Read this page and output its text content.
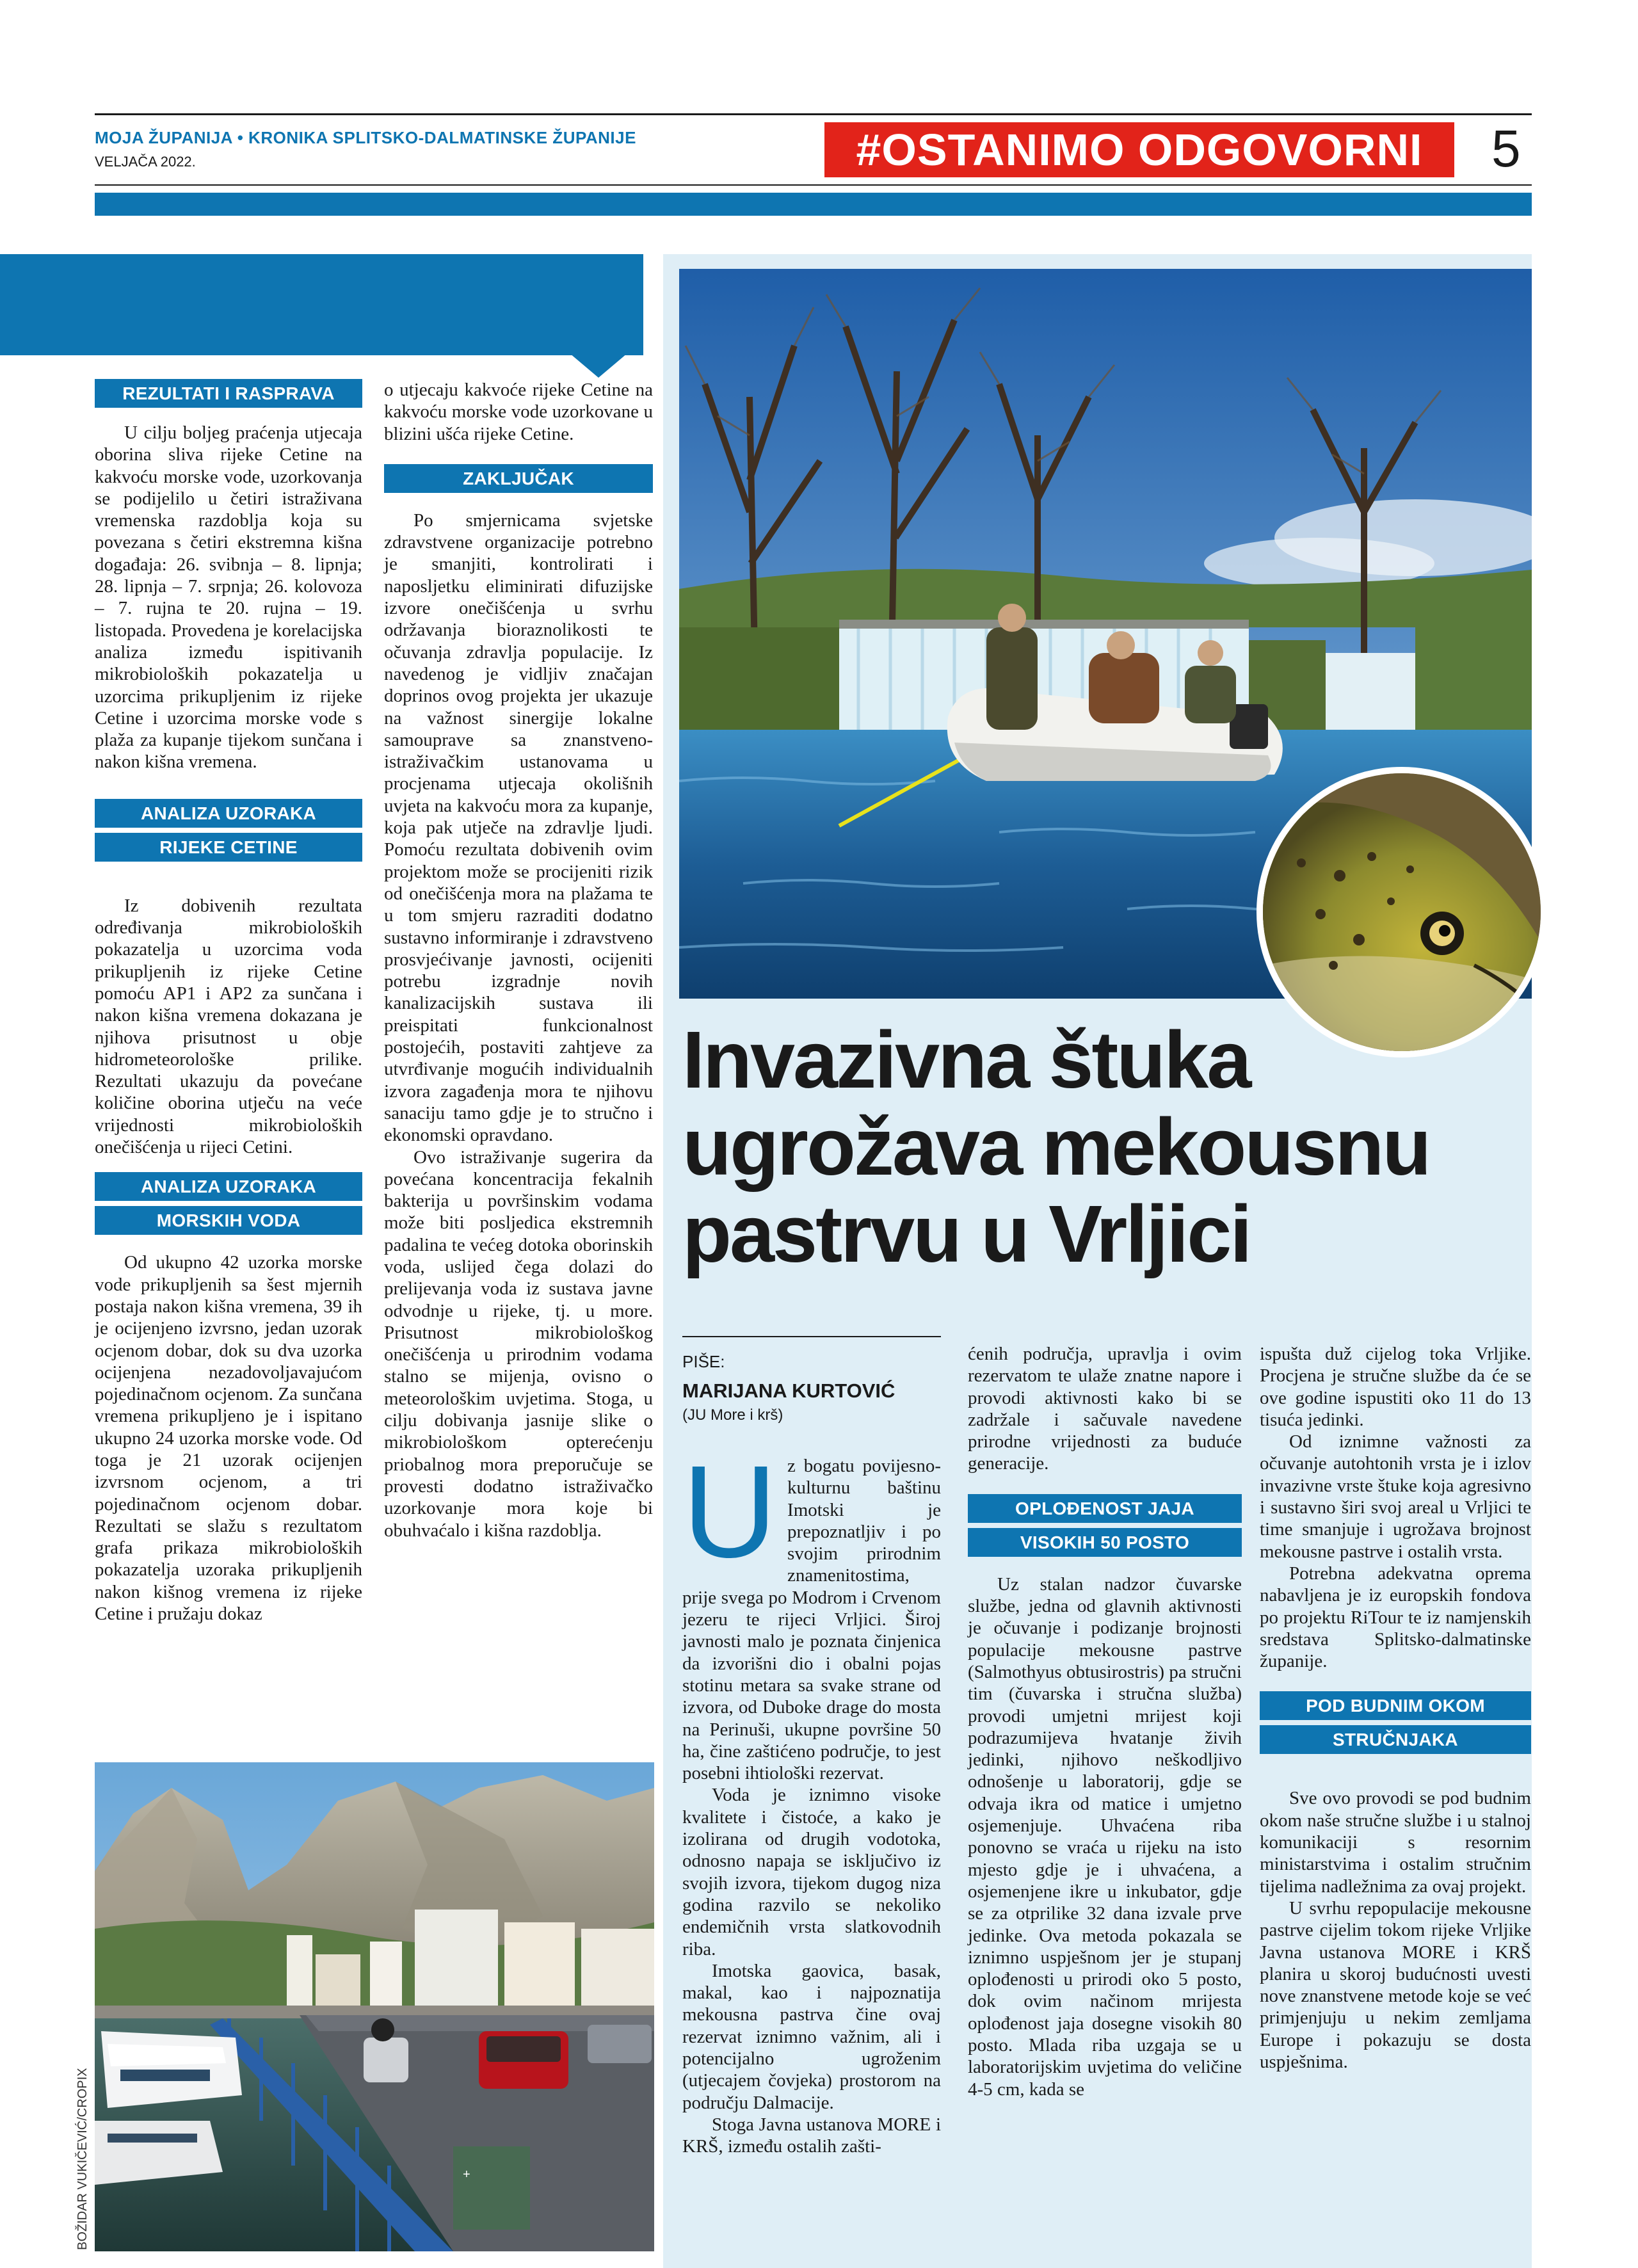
MOJA ŽUPANIJA • KRONIKA SPLITSKO-DALMATINSKE ŽUPANIJE
VELJAČA 2022.	#OSTANIMO ODGOVORNI	5
REZULTATI I RASPRAVA

U cilju boljeg praćenja utjecaja oborina sliva rijeke Cetine na kakvoću morske vode, uzorkovanja se podijelilo u četiri istraživana vremenska razdoblja koja su povezana s četiri ekstremna kišna događaja: 26. svibnja – 8. lipnja; 28. lipnja – 7. srpnja; 26. kolovoza – 7. rujna te 20. rujna – 19. listopada. Provedena je korelacijska analiza između ispitivanih mikrobioloških pokazatelja u uzorcima prikupljenim iz rijeke Cetine i uzorcima morske vode s plaža za kupanje tijekom sunčana i nakon kišna vremena.

ANALIZA UZORAKA
RIJEKE CETINE

Iz dobivenih rezultata određivanja mikrobioloških pokazatelja u uzorcima voda prikupljenih iz rijeke Cetine pomoću AP1 i AP2 za sunčana i nakon kišna vremena dokazana je njihova prisutnost u obje hidrometeorološke prilike. Rezultati ukazuju da povećane količine oborina utječu na veće vrijednosti mikrobioloških onečišćenja u rijeci Cetini.

ANALIZA UZORAKA
MORSKIH VODA

Od ukupno 42 uzorka morske vode prikupljenih sa šest mjernih postaja nakon kišna vremena, 39 ih je ocijenjeno izvrsno, jedan uzorak ocjenom dobar, dok su dva uzorka ocijenjena nezadovoljavajućom pojedinačnom ocjenom. Za sunčana vremena prikupljeno je i ispitano ukupno 24 uzorka morske vode. Od toga je 21 uzorak ocijenjen izvrsnom ocjenom, a tri pojedinačnom ocjenom dobar. Rezultati se slažu s rezultatom grafa prikaza mikrobioloških pokazatelja uzoraka prikupljenih nakon kišnog vremena iz rijeke Cetine i pružaju dokaz

o utjecaju kakvoće rijeke Cetine na kakvoću morske vode uzorkovane u blizini ušća rijeke Cetine.

ZAKLJUČAK

Po smjernicama svjetske zdravstvene organizacije potrebno je smanjiti, kontrolirati i naposljetku eliminirati difuzijske izvore onečišćenja u svrhu održavanja bioraznolikosti te očuvanja zdravlja populacije. Iz navedenog je vidljiv značajan doprinos ovog projekta jer ukazuje na važnost sinergije lokalne samouprave sa znanstveno-istraživačkim ustanovama u procjenama utjecaja okolišnih uvjeta na kakvoću mora za kupanje, koja pak utječe na zdravlje ljudi. Pomoću rezultata dobivenih ovim projektom može se procijeniti rizik od onečišćenja mora na plažama te u tom smjeru razraditi dodatno sustavno informiranje i zdravstveno prosvjećivanje javnosti, ocijeniti potrebu izgradnje novih kanalizacijskih sustava ili preispitati funkcionalnost postojećih, postaviti zahtjeve za utvrđivanje mogućih individualnih izvora zagađenja mora te njihovu sanaciju tamo gdje je to stručno i ekonomski opravdano.

Ovo istraživanje sugerira da povećana koncentracija fekalnih bakterija u površinskim vodama može biti posljedica ekstremnih padalina te većeg dotoka oborinskih voda, uslijed čega dolazi do prelijevanja voda iz sustava javne odvodnje u rijeke, tj. u more. Prisutnost mikrobiološkog onečišćenja u prirodnim vodama stalno se mijenja, ovisno o meteorološkim uvjetima. Stoga, u cilju dobivanja jasnije slike o mikrobiološkom opterećenju priobalnog mora preporučuje se provesti dodatno istraživačko uzorkovanje mora koje bi obuhvaćalo i kišna razdoblja.

+
BOŽIDAR VUKIČEVIĆ/CROPIX
Invazivna štuka ugrožava mekousnu pastrvu u Vrljici
PIŠE:
MARIJANA KURTOVIĆ
(JU More i krš)
U z bogatu povijesno-kulturnu baštinu Imotski je prepoznatljiv i po svojim prirodnim znamenitostima, prije svega po Modrom i Crvenom jezeru te rijeci Vrljici. Široj javnosti malo je poznata činjenica da izvorišni dio i obalni pojas stotinu metara sa svake strane od izvora, od Duboke drage do mosta na Perinuši, ukupne površine 50 ha, čine zaštićeno područje, to jest posebni ihtiološki rezervat.

Voda je iznimno visoke kvalitete i čistoće, a kako je izolirana od drugih vodotoka, odnosno napaja se isključivo iz svojih izvora, tijekom dugog niza godina razvilo se nekoliko endemičnih vrsta slatkovodnih riba.

Imotska gaovica, basak, makal, kao i najpoznatija mekousna pastrva čine ovaj rezervat iznimno važnim, ali i potencijalno ugroženim (utjecajem čovjeka) prostorom na području Dalmacije.

Stoga Javna ustanova MORE i KRŠ, između ostalih zašti-

ćenih područja, upravlja i ovim rezervatom te ulaže znatne napore i provodi aktivnosti kako bi se zadržale i sačuvale navedene prirodne vrijednosti za buduće generacije.

OPLOĐENOST JAJA
VISOKIH 50 POSTO

Uz stalan nadzor čuvarske službe, jedna od glavnih aktivnosti je očuvanje i podizanje brojnosti populacije mekousne pastrve (Salmothyus obtusirostris) pa stručni tim (čuvarska i stručna služba) provodi umjetni mrijest koji podrazumijeva hvatanje živih jedinki, njihovo neškodljivo odnošenje u laboratorij, gdje se odvaja ikra od matice i umjetno osjemenjuje. Uhvaćena riba ponovno se vraća u rijeku na isto mjesto gdje je i uhvaćena, a osjemenjene ikre u inkubator, gdje se za otprilike 32 dana izvale prve jedinke. Ova metoda pokazala se iznimno uspješnom jer je stupanj oplođenosti u prirodi oko 5 posto, dok ovim načinom mrijesta oplođenost jaja dosegne visokih 80 posto. Mlada riba uzgaja se u laboratorijskim uvjetima do veličine 4-5 cm, kada se

ispušta duž cijelog toka Vrljike. Procjena je stručne službe da će se ove godine ispustiti oko 11 do 13 tisuća jedinki.

Od iznimne važnosti za očuvanje autohtonih vrsta je i izlov invazivne vrste štuke koja agresivno i sustavno širi svoj areal u Vrljici te time smanjuje i ugrožava brojnost mekousne pastrve i ostalih vrsta.

Potrebna adekvatna oprema nabavljena je iz europskih fondova po projektu RiTour te iz namjenskih sredstava Splitsko-dalmatinske županije.

POD BUDNIM OKOM
STRUČNJAKA

Sve ovo provodi se pod budnim okom naše stručne službe i u stalnoj komunikaciji s resornim ministarstvima i ostalim stručnim tijelima nadležnima za ovaj projekt.

U svrhu repopulacije mekousne pastrve cijelim tokom rijeke Vrljike Javna ustanova MORE i KRŠ planira u skoroj budućnosti uvesti nove znanstvene metode koje se već primjenjuju u nekim zemljama Europe i pokazuju se dosta uspješnima.
